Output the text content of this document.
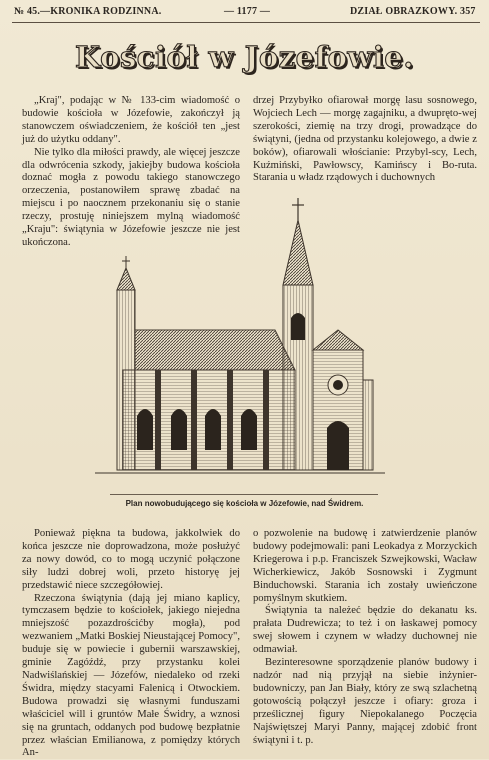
№ 45.—KRONIKA RODZINNA.	— 1177 —	DZIAŁ OBRAZKOWY. 357
Kościół w Józefowie.

„Kraj", podając w № 133-cim wiadomość o budowie kościoła w Józefowie, zakończył ją stanowczem oświadczeniem, że kościół ten „jest już do użytku oddany".

Nie tylko dla miłości prawdy, ale więcej jeszcze dla odwrócenia szkody, jakiejby budowa kościoła doznać mogła z powodu takiego stanowczego orzeczenia, postanowiłem sprawę zbadać na miejscu i po naocznem przekonaniu się o stanie rzeczy, prostuję niniejszem mylną wiadomość „Kraju": świątynia w Józefowie jeszcze nie jest ukończona.

drzej Przybyłko ofiarował morgę lasu sosnowego, Wojciech Lech — morgę zagajniku, a dwupręto-wej szerokości, ziemię na trzy drogi, prowadzące do świątyni, (jedna od przystanku kolejowego, a dwie z boków), ofiarowali włościanie: Przybyl-scy, Lech, Kuźmiński, Pawłowscy, Kamińscy i Bo-ruta. Starania u władz rządowych i duchownych

Plan nowobudującego się kościoła w Józefowie, nad Świdrem.

Ponieważ piękna ta budowa, jakkolwiek do końca jeszcze nie doprowadzona, może posłużyć za nowy dowód, co to mogą uczynić połączone siły ludzi dobrej woli, przeto historyę jej przedstawić niece szczegółowiej.

Rzeczona świątynia (dają jej miano kaplicy, tymczasem będzie to kościołek, jakiego niejedna mniejszość pozazdrościćby mogła), pod wezwaniem „Matki Boskiej Nieustającej Pomocy", buduje się w powiecie i gubernii warszawskiej, gminie Zagóźdź, przy przystanku kolei Nadwiślańskiej — Józefów, niedaleko od rzeki Świdra, między stacyami Falenicą i Otwockiem. Budowa prowadzi się własnymi funduszami właściciel will i gruntów Małe Świdry, a wznosi się na gruntach, oddanych pod budowę bezpłatnie przez właścian Emilianowa, z pomiędzy których An-

o pozwolenie na budowę i zatwierdzenie planów budowy podejmowali: pani Leokadya z Morzyckich Kriegerowa i p.p. Franciszek Szwejkowski, Wacław Wicherkiewicz, Jakób Sosnowski i Zygmunt Binduchowski. Starania ich zostały uwieńczone pomyślnym skutkiem.

Świątynia ta należeć będzie do dekanatu ks. prałata Dudrewicza; to też i on łaskawej pomocy swej słowem i czynem w władzy duchownej nie odmawiał.

Bezinteresowne sporządzenie planów budowy i nadzór nad nią przyjął na siebie inżynier-budowniczy, pan Jan Biały, który ze swą szlachetną gotowością połączył jeszcze i ofiary: groza i prześlicznej figury Niepokalanego Poczęcia Najświętszej Maryi Panny, mającej zdobić front świątyni i t. p.
